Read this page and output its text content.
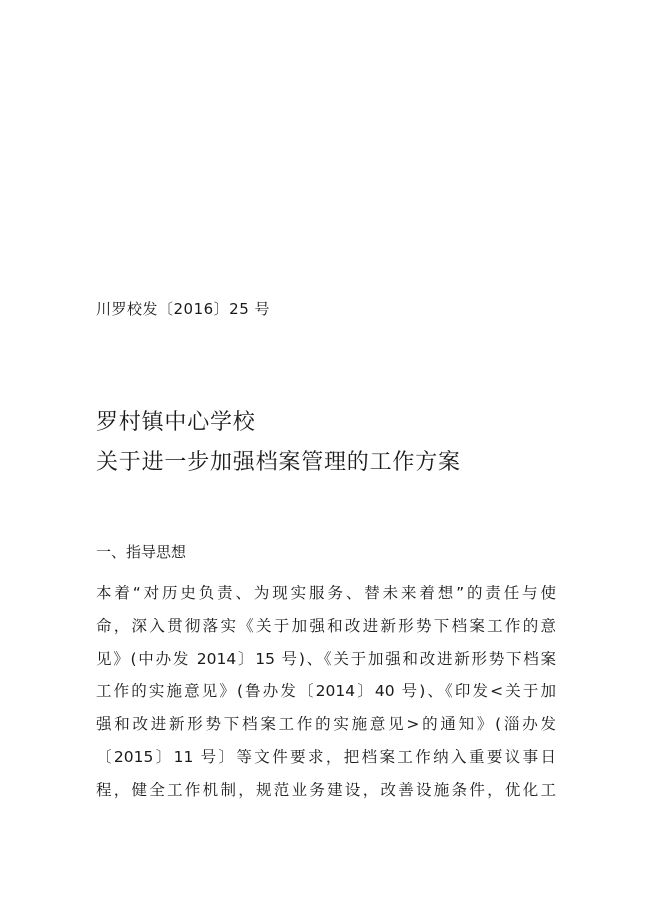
川罗校发〔2016〕25 号
罗村镇中心学校
关于进一步加强档案管理的工作方案
一、指导思想

本着“对历史负责、为现实服务、替未来着想”的责任与使
命，深入贯彻落实《关于加强和改进新形势下档案工作的意
见》(中办发 2014〕15 号)、《关于加强和改进新形势下档案
工作的实施意见》(鲁办发〔2014〕40 号)、《印发<关于加
强和改进新形势下档案工作的实施意见>的通知》(淄办发
〔2015〕11 号〕等文件要求，把档案工作纳入重要议事日
程，健全工作机制，规范业务建设，改善设施条件，优化工
